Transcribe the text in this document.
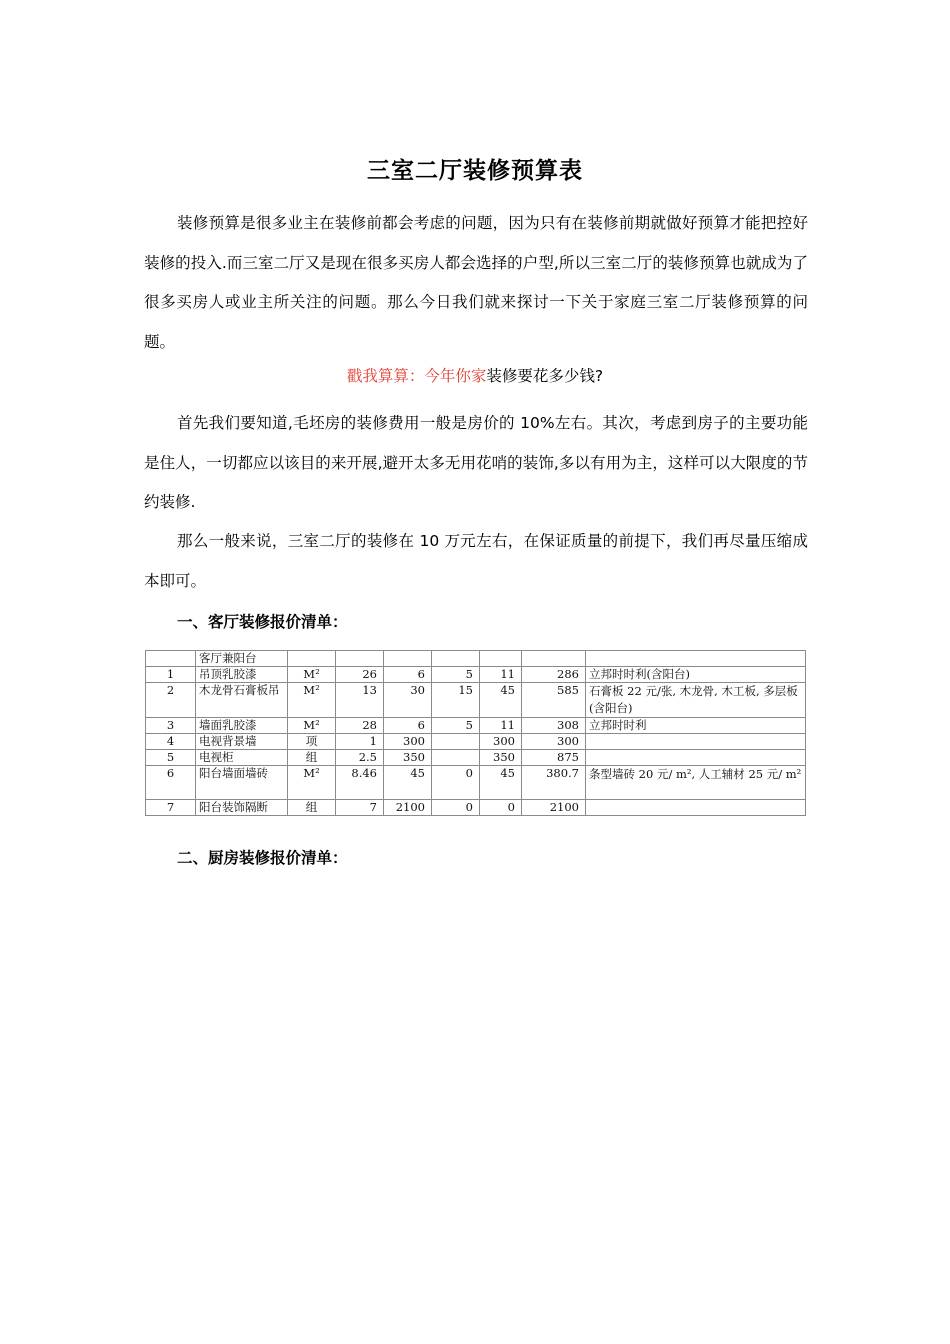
三室二厅装修预算表
装修预算是很多业主在装修前都会考虑的问题，因为只有在装修前期就做好预算才能把控好装修的投入.而三室二厅又是现在很多买房人都会选择的户型,所以三室二厅的装修预算也就成为了很多买房人或业主所关注的问题。那么今日我们就来探讨一下关于家庭三室二厅装修预算的问题。
戳我算算：今年你家装修要花多少钱?
首先我们要知道,毛坯房的装修费用一般是房价的 10%左右。其次，考虑到房子的主要功能是住人，一切都应以该目的来开展,避开太多无用花哨的装饰,多以有用为主，这样可以大限度的节约装修.
那么一般来说，三室二厅的装修在 10 万元左右，在保证质量的前提下，我们再尽量压缩成本即可。
一、客厅装修报价清单：
	客厅兼阳台							
1	吊顶乳胶漆	M²	26	6	5	11	286	立邦时时利(含阳台)
2	木龙骨石膏板吊	M²	13	30	15	45	585	石膏板 22 元/张, 木龙骨, 木工板, 多层板(含阳台)
3	墙面乳胶漆	M²	28	6	5	11	308	立邦时时利
4	电视背景墙	项	1	300		300	300	
5	电视柜	组	2.5	350		350	875	
6	阳台墙面墙砖	M²	8.46	45	0	45	380.7	条型墙砖 20 元/ m², 人工辅材 25 元/ m²
7	阳台装饰隔断	组	7	2100	0	0	2100	
二、厨房装修报价清单：
